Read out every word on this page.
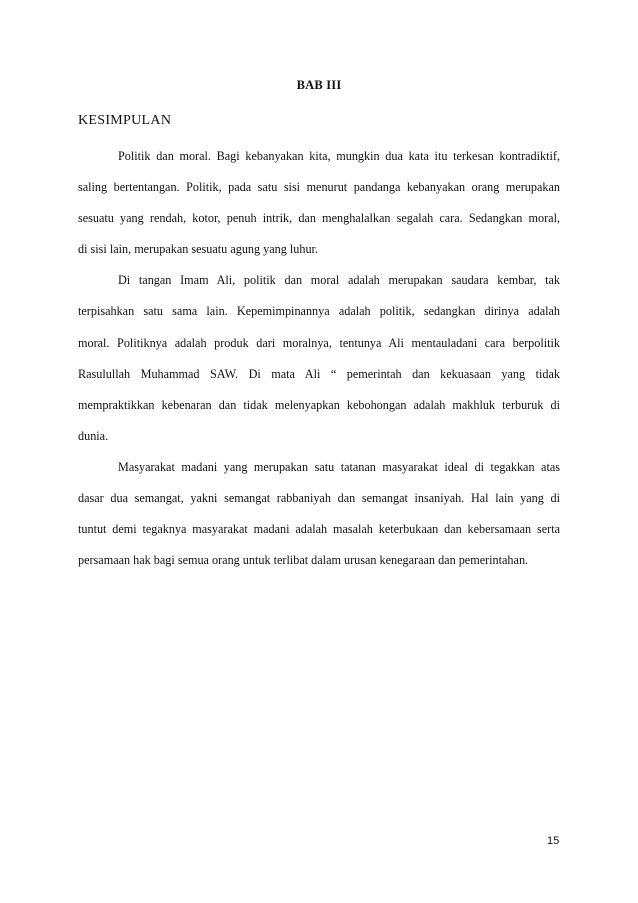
BAB III
KESIMPULAN
Politik dan moral. Bagi kebanyakan kita, mungkin dua kata itu terkesan kontradiktif,
saling bertentangan. Politik, pada satu sisi menurut pandanga kebanyakan orang merupakan
sesuatu yang rendah, kotor, penuh intrik, dan menghalalkan segalah cara. Sedangkan moral,
di sisi lain, merupakan sesuatu agung yang luhur.
Di tangan Imam Ali, politik dan moral adalah merupakan saudara kembar, tak
terpisahkan satu sama lain. Kepemimpinannya adalah politik, sedangkan dirinya adalah
moral. Politiknya adalah produk dari moralnya, tentunya Ali mentauladani cara berpolitik
Rasulullah Muhammad SAW. Di mata Ali “ pemerintah dan kekuasaan yang tidak
mempraktikkan kebenaran dan tidak melenyapkan kebohongan adalah makhluk terburuk di
dunia.
Masyarakat madani yang merupakan satu tatanan masyarakat ideal di tegakkan atas
dasar dua semangat, yakni semangat rabbaniyah dan semangat insaniyah. Hal lain yang di
tuntut demi tegaknya masyarakat madani adalah masalah keterbukaan dan kebersamaan serta
persamaan hak bagi semua orang untuk terlibat dalam urusan kenegaraan dan pemerintahan.
15
